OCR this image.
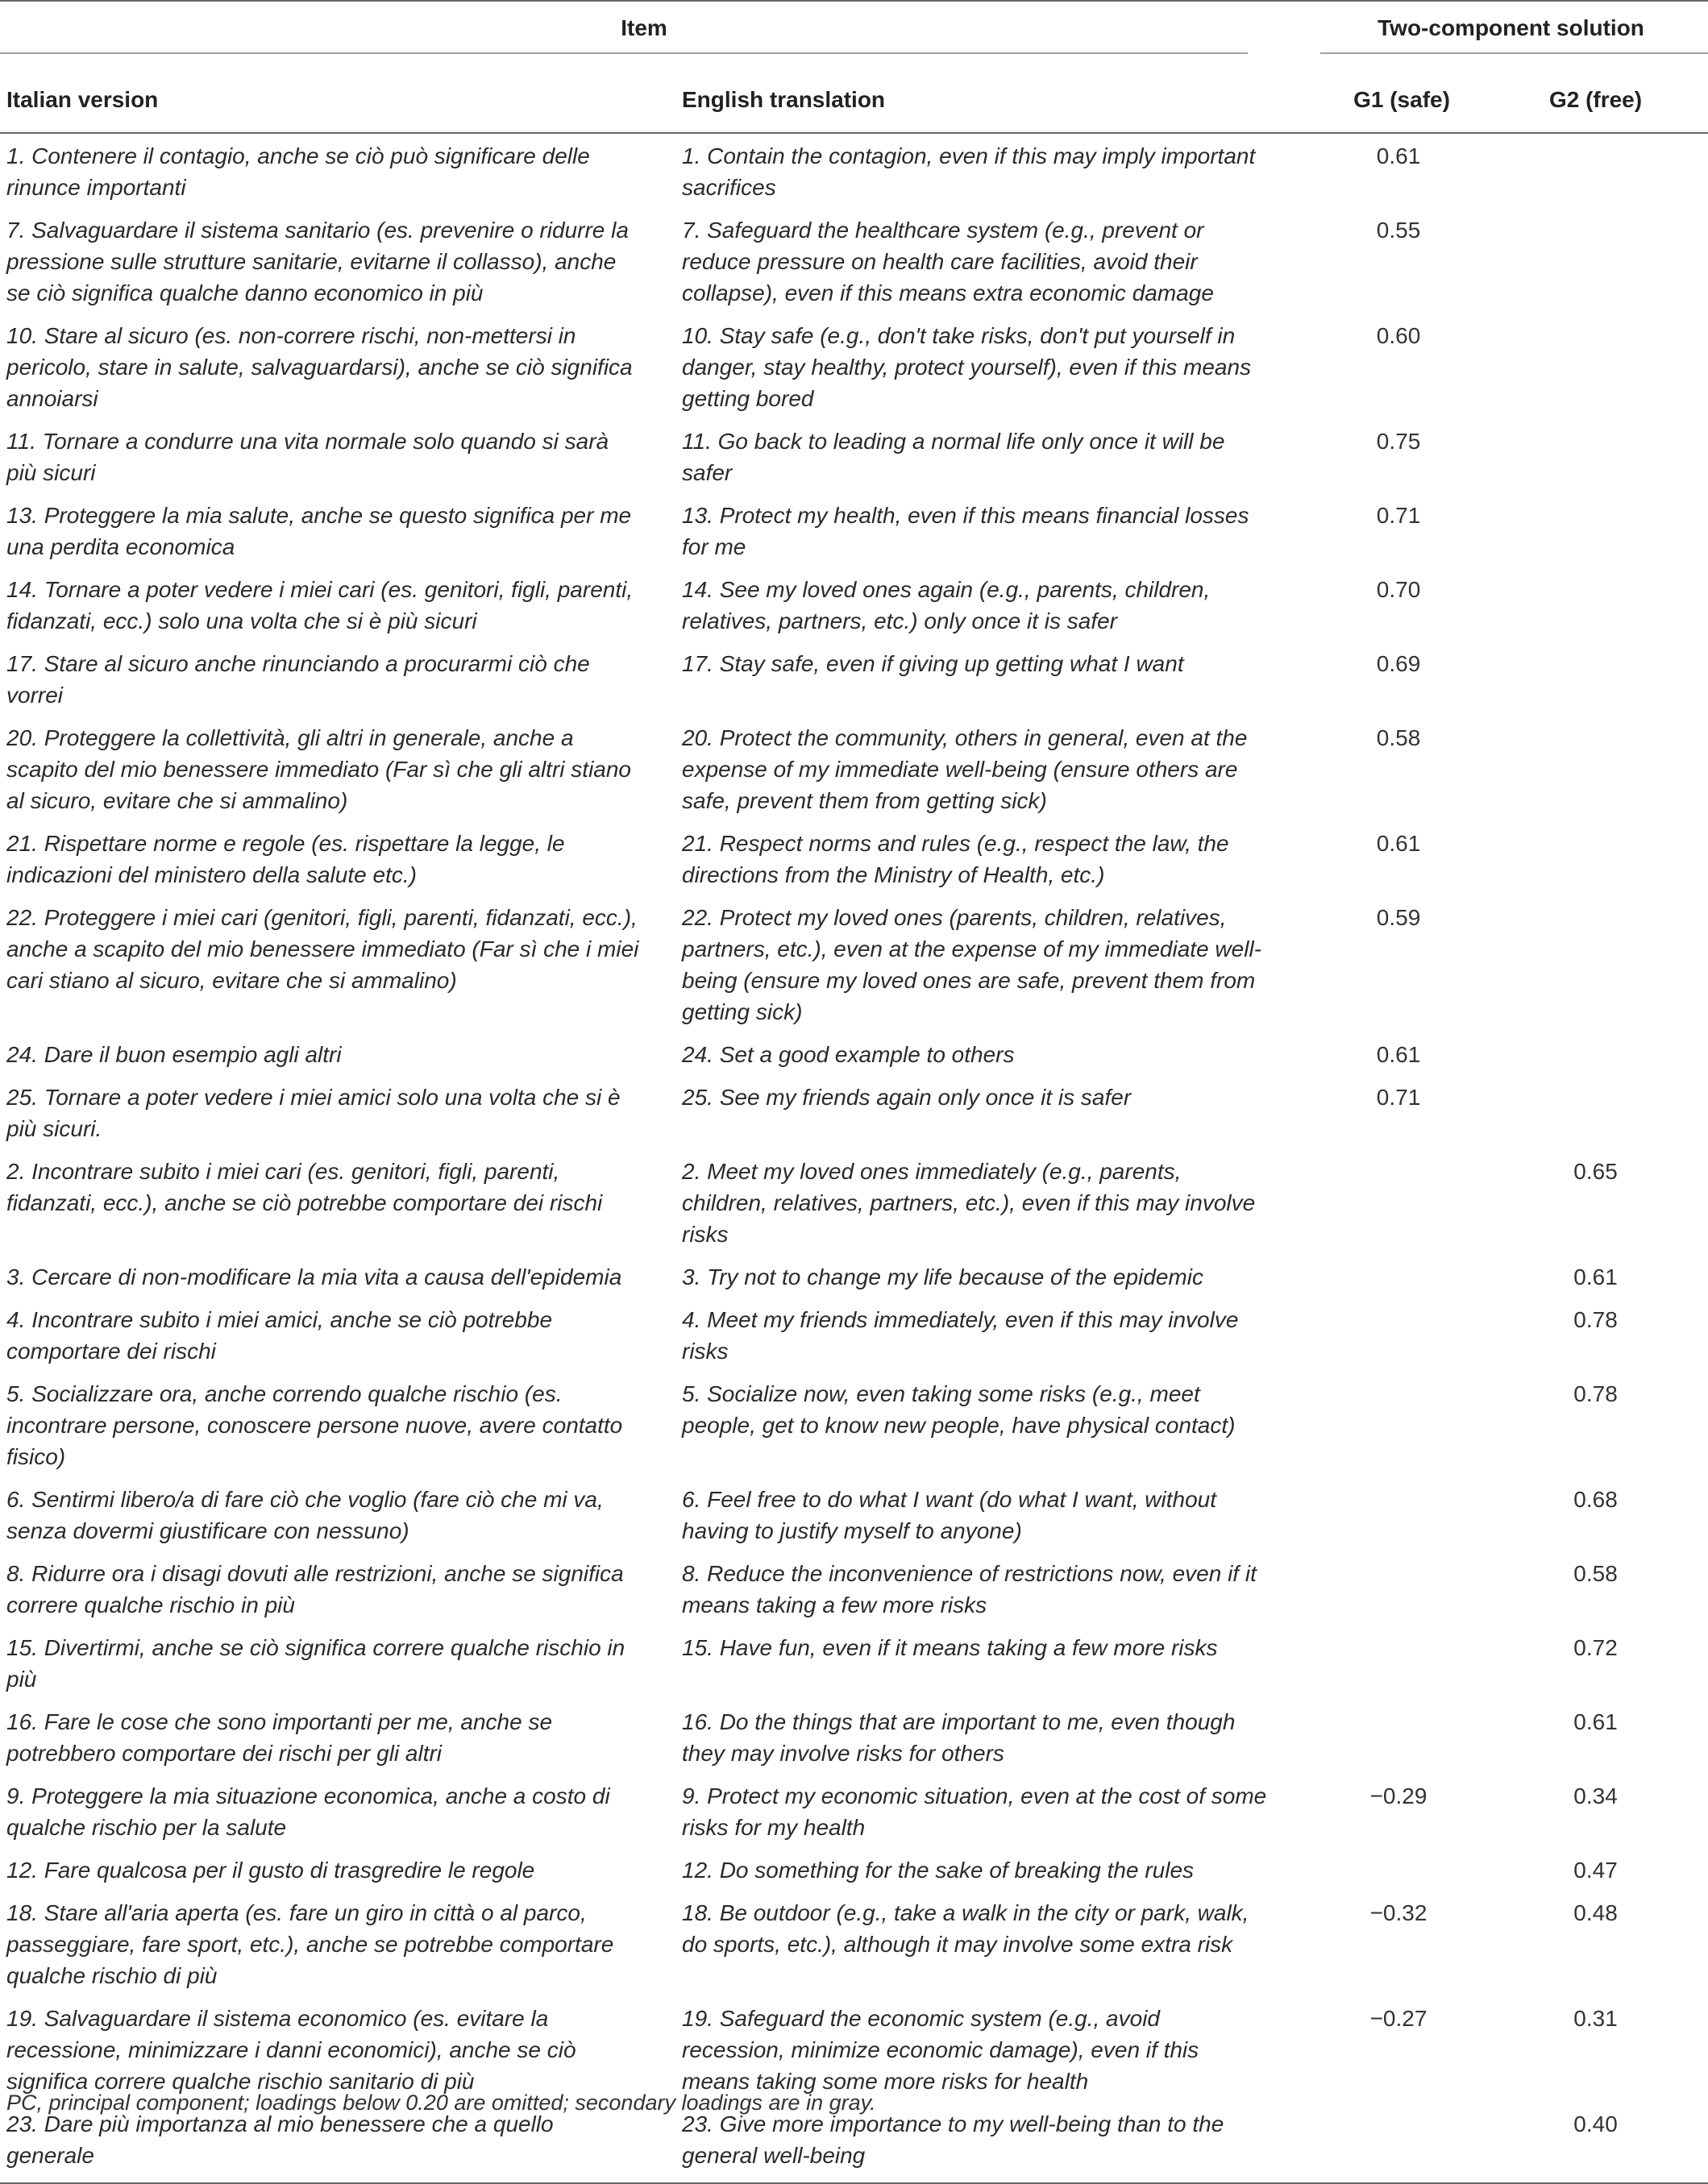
Item		Two-component solution	

Italian version	English translation	G1 (safe)	G2 (free)
1. Contenere il contagio, anche se ciò può significare delle rinunce importanti	1. Contain the contagion, even if this may imply important sacrifices	0.61	
7. Salvaguardare il sistema sanitario (es. prevenire o ridurre la pressione sulle strutture sanitarie, evitarne il collasso), anche se ciò significa qualche danno economico in più	7. Safeguard the healthcare system (e.g., prevent or reduce pressure on health care facilities, avoid their collapse), even if this means extra economic damage	0.55	
10. Stare al sicuro (es. non-correre rischi, non-mettersi in pericolo, stare in salute, salvaguardarsi), anche se ciò significa annoiarsi	10. Stay safe (e.g., don't take risks, don't put yourself in danger, stay healthy, protect yourself), even if this means getting bored	0.60	
11. Tornare a condurre una vita normale solo quando si sarà più sicuri	11. Go back to leading a normal life only once it will be safer	0.75	
13. Proteggere la mia salute, anche se questo significa per me una perdita economica	13. Protect my health, even if this means financial losses for me	0.71	
14. Tornare a poter vedere i miei cari (es. genitori, figli, parenti, fidanzati, ecc.) solo una volta che si è più sicuri	14. See my loved ones again (e.g., parents, children, relatives, partners, etc.) only once it is safer	0.70	
17. Stare al sicuro anche rinunciando a procurarmi ciò che vorrei	17. Stay safe, even if giving up getting what I want	0.69	
20. Proteggere la collettività, gli altri in generale, anche a scapito del mio benessere immediato (Far sì che gli altri stiano al sicuro, evitare che si ammalino)	20. Protect the community, others in general, even at the expense of my immediate well-being (ensure others are safe, prevent them from getting sick)	0.58	
21. Rispettare norme e regole (es. rispettare la legge, le indicazioni del ministero della salute etc.)	21. Respect norms and rules (e.g., respect the law, the directions from the Ministry of Health, etc.)	0.61	
22. Proteggere i miei cari (genitori, figli, parenti, fidanzati, ecc.), anche a scapito del mio benessere immediato (Far sì che i miei cari stiano al sicuro, evitare che si ammalino)	22. Protect my loved ones (parents, children, relatives, partners, etc.), even at the expense of my immediate well-being (ensure my loved ones are safe, prevent them from getting sick)	0.59	
24. Dare il buon esempio agli altri	24. Set a good example to others	0.61	
25. Tornare a poter vedere i miei amici solo una volta che si è più sicuri.	25. See my friends again only once it is safer	0.71	
2. Incontrare subito i miei cari (es. genitori, figli, parenti, fidanzati, ecc.), anche se ciò potrebbe comportare dei rischi	2. Meet my loved ones immediately (e.g., parents, children, relatives, partners, etc.), even if this may involve risks		0.65
3. Cercare di non-modificare la mia vita a causa dell'epidemia	3. Try not to change my life because of the epidemic		0.61
4. Incontrare subito i miei amici, anche se ciò potrebbe comportare dei rischi	4. Meet my friends immediately, even if this may involve risks		0.78
5. Socializzare ora, anche correndo qualche rischio (es. incontrare persone, conoscere persone nuove, avere contatto fisico)	5. Socialize now, even taking some risks (e.g., meet people, get to know new people, have physical contact)		0.78
6. Sentirmi libero/a di fare ciò che voglio (fare ciò che mi va, senza dovermi giustificare con nessuno)	6. Feel free to do what I want (do what I want, without having to justify myself to anyone)		0.68
8. Ridurre ora i disagi dovuti alle restrizioni, anche se significa correre qualche rischio in più	8. Reduce the inconvenience of restrictions now, even if it means taking a few more risks		0.58
15. Divertirmi, anche se ciò significa correre qualche rischio in più	15. Have fun, even if it means taking a few more risks		0.72
16. Fare le cose che sono importanti per me, anche se potrebbero comportare dei rischi per gli altri	16. Do the things that are important to me, even though they may involve risks for others		0.61
9. Proteggere la mia situazione economica, anche a costo di qualche rischio per la salute	9. Protect my economic situation, even at the cost of some risks for my health	−0.29	0.34
12. Fare qualcosa per il gusto di trasgredire le regole	12. Do something for the sake of breaking the rules		0.47
18. Stare all'aria aperta (es. fare un giro in città o al parco, passeggiare, fare sport, etc.), anche se potrebbe comportare qualche rischio di più	18. Be outdoor (e.g., take a walk in the city or park, walk, do sports, etc.), although it may involve some extra risk	−0.32	0.48
19. Salvaguardare il sistema economico (es. evitare la recessione, minimizzare i danni economici), anche se ciò significa correre qualche rischio sanitario di più	19. Safeguard the economic system (e.g., avoid recession, minimize economic damage), even if this means taking some more risks for health	−0.27	0.31
23. Dare più importanza al mio benessere che a quello generale	23. Give more importance to my well-being than to the general well-being		0.40
PC, principal component; loadings below 0.20 are omitted; secondary loadings are in gray.
